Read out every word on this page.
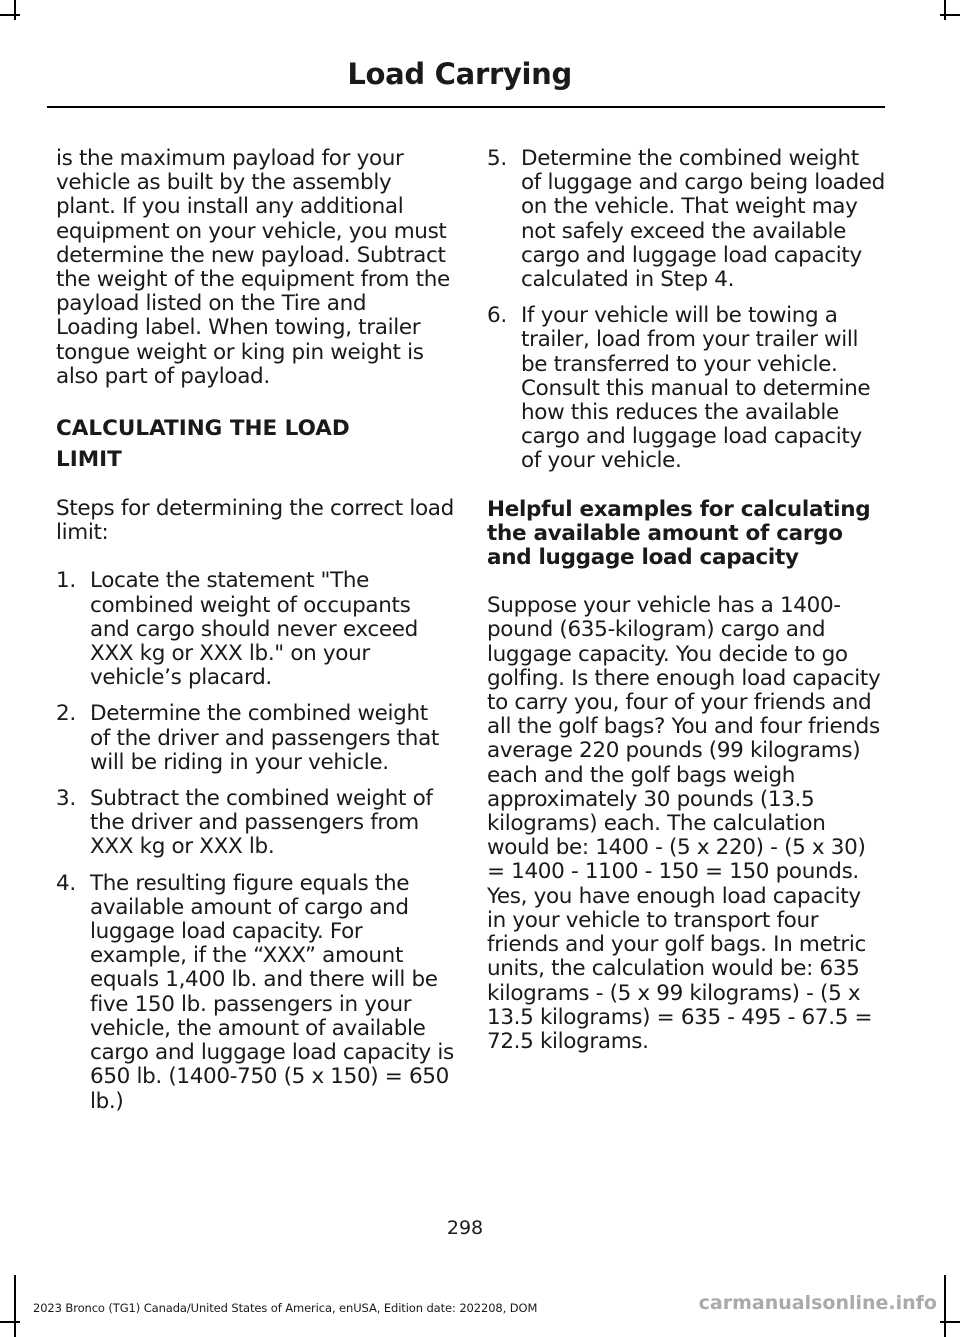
Load Carrying

is the maximum payload for your vehicle as built by the assembly plant. If you install any additional equipment on your vehicle, you must determine the new payload. Subtract the weight of the equipment from the payload listed on the Tire and Loading label. When towing, trailer tongue weight or king pin weight is also part of payload.

CALCULATING THE LOAD
LIMIT

Steps for determining the correct load limit:

1. Locate the statement "The combined weight of occupants and cargo should never exceed XXX kg or XXX lb." on your vehicle’s placard.
2. Determine the combined weight of the driver and passengers that will be riding in your vehicle.
3. Subtract the combined weight of the driver and passengers from XXX kg or XXX lb.
4. The resulting figure equals the available amount of cargo and luggage load capacity. For example, if the “XXX” amount equals 1,400 lb. and there will be five 150 lb. passengers in your vehicle, the amount of available cargo and luggage load capacity is 650 lb. (1400-750 (5 x 150) = 650 lb.)
5. Determine the combined weight of luggage and cargo being loaded on the vehicle. That weight may not safely exceed the available cargo and luggage load capacity calculated in Step 4.
6. If your vehicle will be towing a trailer, load from your trailer will be transferred to your vehicle. Consult this manual to determine how this reduces the available cargo and luggage load capacity of your vehicle.
Helpful examples for calculating the available amount of cargo and luggage load capacity

Suppose your vehicle has a 1400-pound (635-kilogram) cargo and luggage capacity. You decide to go golfing. Is there enough load capacity to carry you, four of your friends and all the golf bags? You and four friends average 220 pounds (99 kilograms) each and the golf bags weigh approximately 30 pounds (13.5 kilograms) each. The calculation would be: 1400 - (5 x 220) - (5 x 30) = 1400 - 1100 - 150 = 150 pounds. Yes, you have enough load capacity in your vehicle to transport four friends and your golf bags. In metric units, the calculation would be: 635 kilograms - (5 x 99 kilograms) - (5 x 13.5 kilograms) = 635 - 495 - 67.5 = 72.5 kilograms.

298
2023 Bronco (TG1) Canada/United States of America, enUSA, Edition date: 202208, DOM	carmanualsonline.info
